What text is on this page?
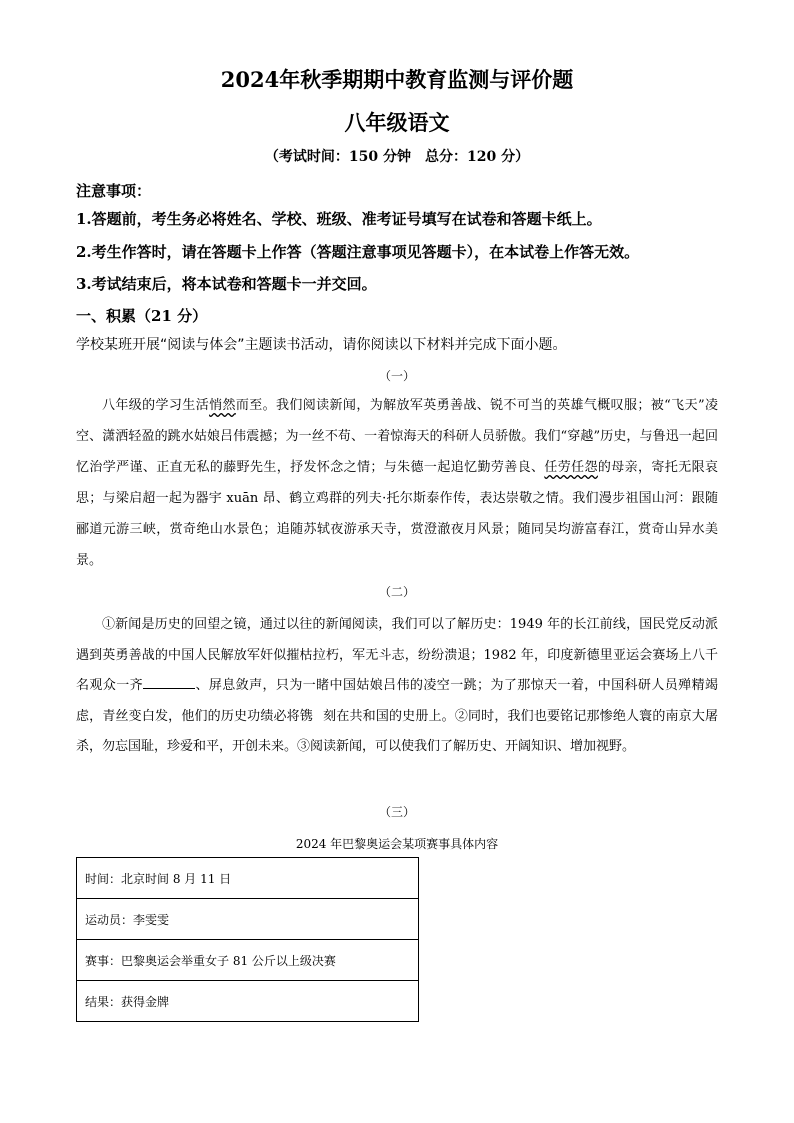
2024年秋季期期中教育监测与评价题
八年级语文
（考试时间：150 分钟　总分：120 分）
注意事项：
1.答题前，考生务必将姓名、学校、班级、准考证号填写在试卷和答题卡纸上。
2.考生作答时，请在答题卡上作答（答题注意事项见答题卡），在本试卷上作答无效。
3.考试结束后，将本试卷和答题卡一并交回。
一、积累（21 分）
学校某班开展“阅读与体会”主题读书活动，请你阅读以下材料并完成下面小题。
（一）

八年级的学习生活悄然而至。我们阅读新闻，为解放军英勇善战、锐不可当的英雄气概叹服；被“飞天”凌空、潇洒轻盈的跳水姑娘吕伟震撼；为一丝不苟、一着惊海天的科研人员骄傲。我们“穿越”历史，与鲁迅一起回忆治学严谨、正直无私的藤野先生，抒发怀念之情；与朱德一起追忆勤劳善良、任劳任怨的母亲，寄托无限哀思；与梁启超一起为器宇 xuān 昂、鹤立鸡群的列夫·托尔斯泰作传，表达崇敬之情。我们漫步祖国山河：跟随郦道元游三峡，赏奇绝山水景色；追随苏轼夜游承天寺，赏澄澈夜月风景；随同吴均游富春江，赏奇山异水美景。

（二）

①新闻是历史的回望之镜，通过以往的新闻阅读，我们可以了解历史：1949 年的长江前线，国民党反动派遇到英勇善战的中国人民解放军奸似摧枯拉朽，军无斗志，纷纷溃退；1982 年，印度新德里亚运会赛场上八千名观众一齐	、屏息敛声，只为一睹中国姑娘吕伟的凌空一跳；为了那惊天一着，中国科研人员殚精竭虑，青丝变白发，他们的历史功绩必将镌 刻在共和国的史册上。②同时，我们也要铭记那惨绝人寰的南京大屠杀，勿忘国耻，珍爱和平，开创未来。③阅读新闻，可以使我们了解历史、开阔知识、增加视野。

（三）
2024 年巴黎奥运会某项赛事具体内容
时间：北京时间 8 月 11 日
运动员：李雯雯
赛事：巴黎奥运会举重女子 81 公斤以上级决赛
结果：获得金牌
